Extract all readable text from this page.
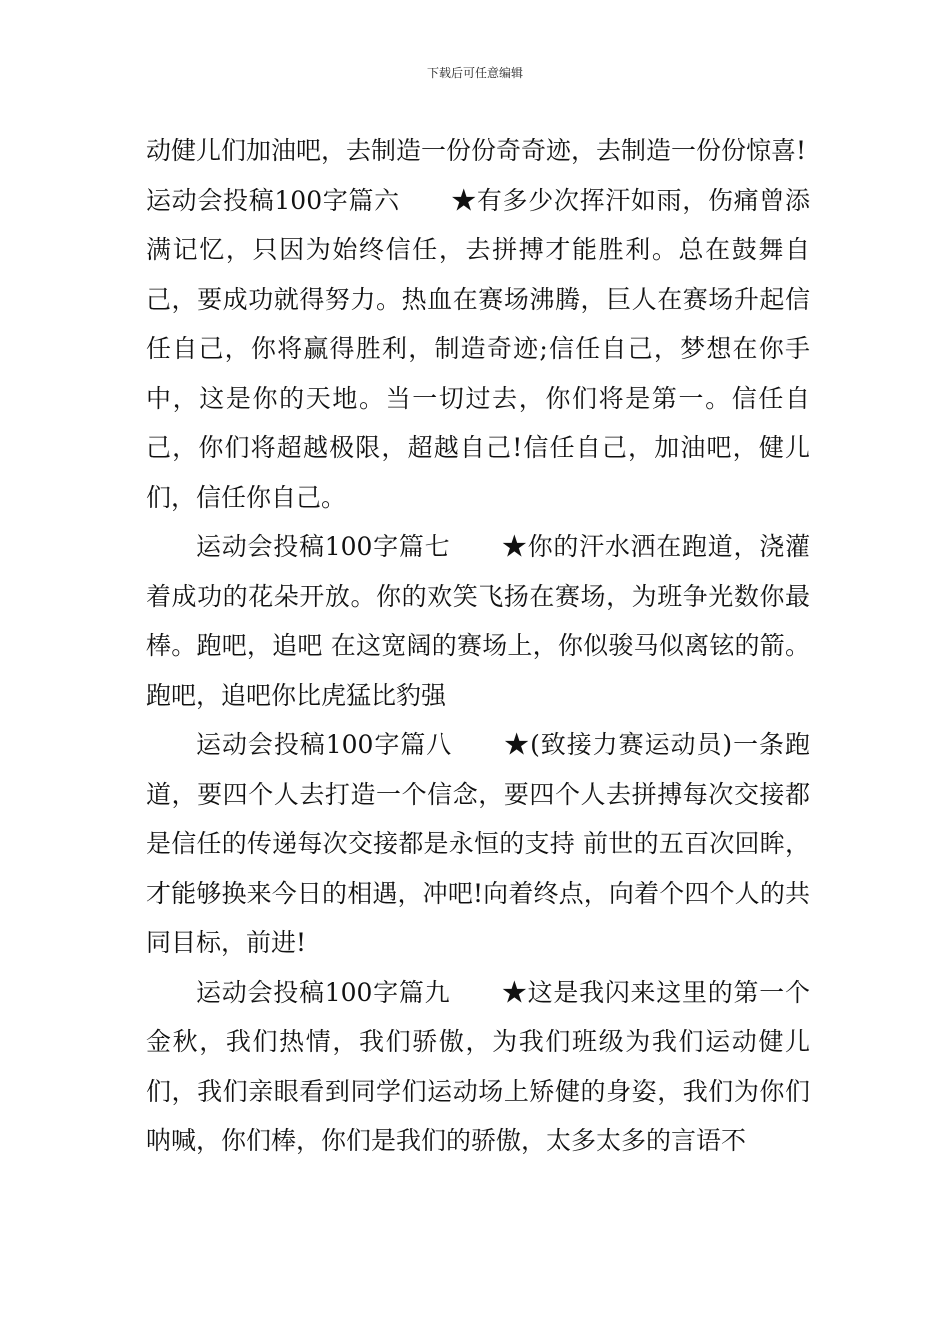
下载后可任意编辑

动健儿们加油吧，去制造一份份奇奇迹，去制造一份份惊喜!

运动会投稿100字篇六　　★有多少次挥汗如雨，伤痛曾添满记忆，只因为始终信任，去拼搏才能胜利。总在鼓舞自己，要成功就得努力。热血在赛场沸腾，巨人在赛场升起信任自己，你将赢得胜利，制造奇迹;信任自己，梦想在你手中，这是你的天地。当一切过去，你们将是第一。信任自己，你们将超越极限，超越自己!信任自己，加油吧，健儿们，信任你自己。

运动会投稿100字篇七　　★你的汗水洒在跑道，浇灌着成功的花朵开放。你的欢笑飞扬在赛场，为班争光数你最棒。跑吧，追吧 在这宽阔的赛场上，你似骏马似离铉的箭。跑吧，追吧你比虎猛比豹强

运动会投稿100字篇八　　★(致接力赛运动员)一条跑道，要四个人去打造一个信念，要四个人去拼搏每次交接都是信任的传递每次交接都是永恒的支持 前世的五百次回眸，才能够换来今日的相遇，冲吧!向着终点，向着个四个人的共同目标，前进!

运动会投稿100字篇九　　★这是我闪来这里的第一个金秋，我们热情，我们骄傲，为我们班级为我们运动健儿们，我们亲眼看到同学们运动场上矫健的身姿，我们为你们呐喊，你们棒，你们是我们的骄傲，太多太多的言语不
